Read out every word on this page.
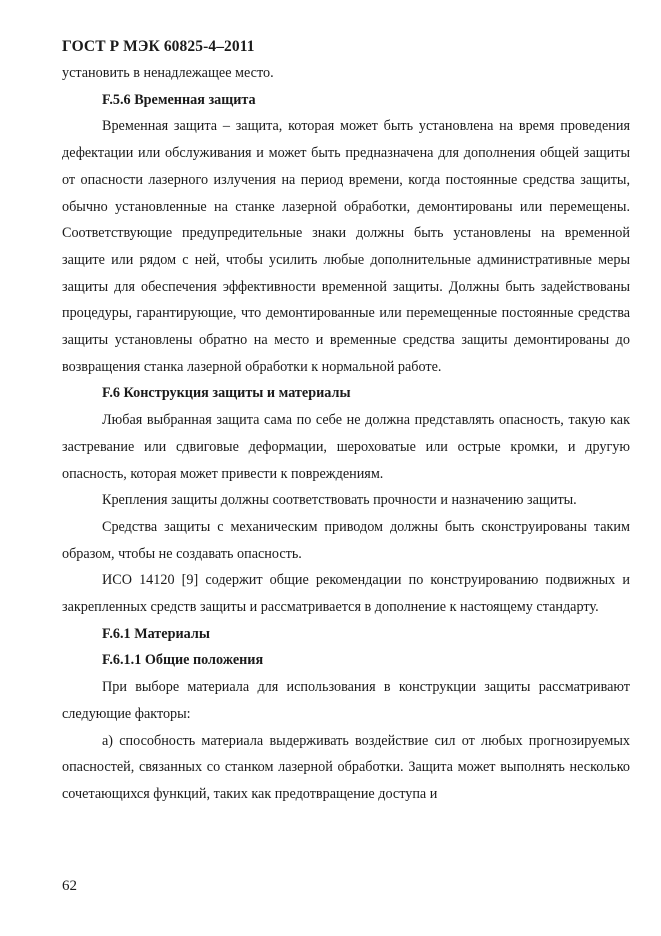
ГОСТ Р МЭК 60825-4–2011

установить в ненадлежащее место.

F.5.6 Временная защита

Временная защита – защита, которая может быть установлена на время проведения дефектации или обслуживания и может быть предназначена для дополнения общей защиты от опасности лазерного излучения на период времени, когда постоянные средства защиты, обычно установленные на станке лазерной обработки, демонтированы или перемещены. Соответствующие предупредительные знаки должны быть установлены на временной защите или рядом с ней, чтобы усилить любые дополнительные административные меры защиты для обеспечения эффективности временной защиты. Должны быть задействованы процедуры, гарантирующие, что демонтированные или перемещенные постоянные средства защиты установлены обратно на место и временные средства защиты демонтированы до возвращения станка лазерной обработки к нормальной работе.

F.6 Конструкция защиты и материалы

Любая выбранная защита сама по себе не должна представлять опасность, такую как застревание или сдвиговые деформации, шероховатые или острые кромки, и другую опасность, которая может привести к повреждениям.

Крепления защиты должны соответствовать прочности и назначению защиты.

Средства защиты с механическим приводом должны быть сконструированы таким образом, чтобы не создавать опасность.

ИСО 14120 [9] содержит общие рекомендации по конструированию подвижных и закрепленных средств защиты и рассматривается в дополнение к настоящему стандарту.

F.6.1 Материалы

F.6.1.1 Общие положения

При выборе материала для использования в конструкции защиты рассматривают следующие факторы:

а) способность материала выдерживать воздействие сил от любых прогнозируемых опасностей, связанных со станком лазерной обработки. Защита может выполнять несколько сочетающихся функций, таких как предотвращение доступа и

62
